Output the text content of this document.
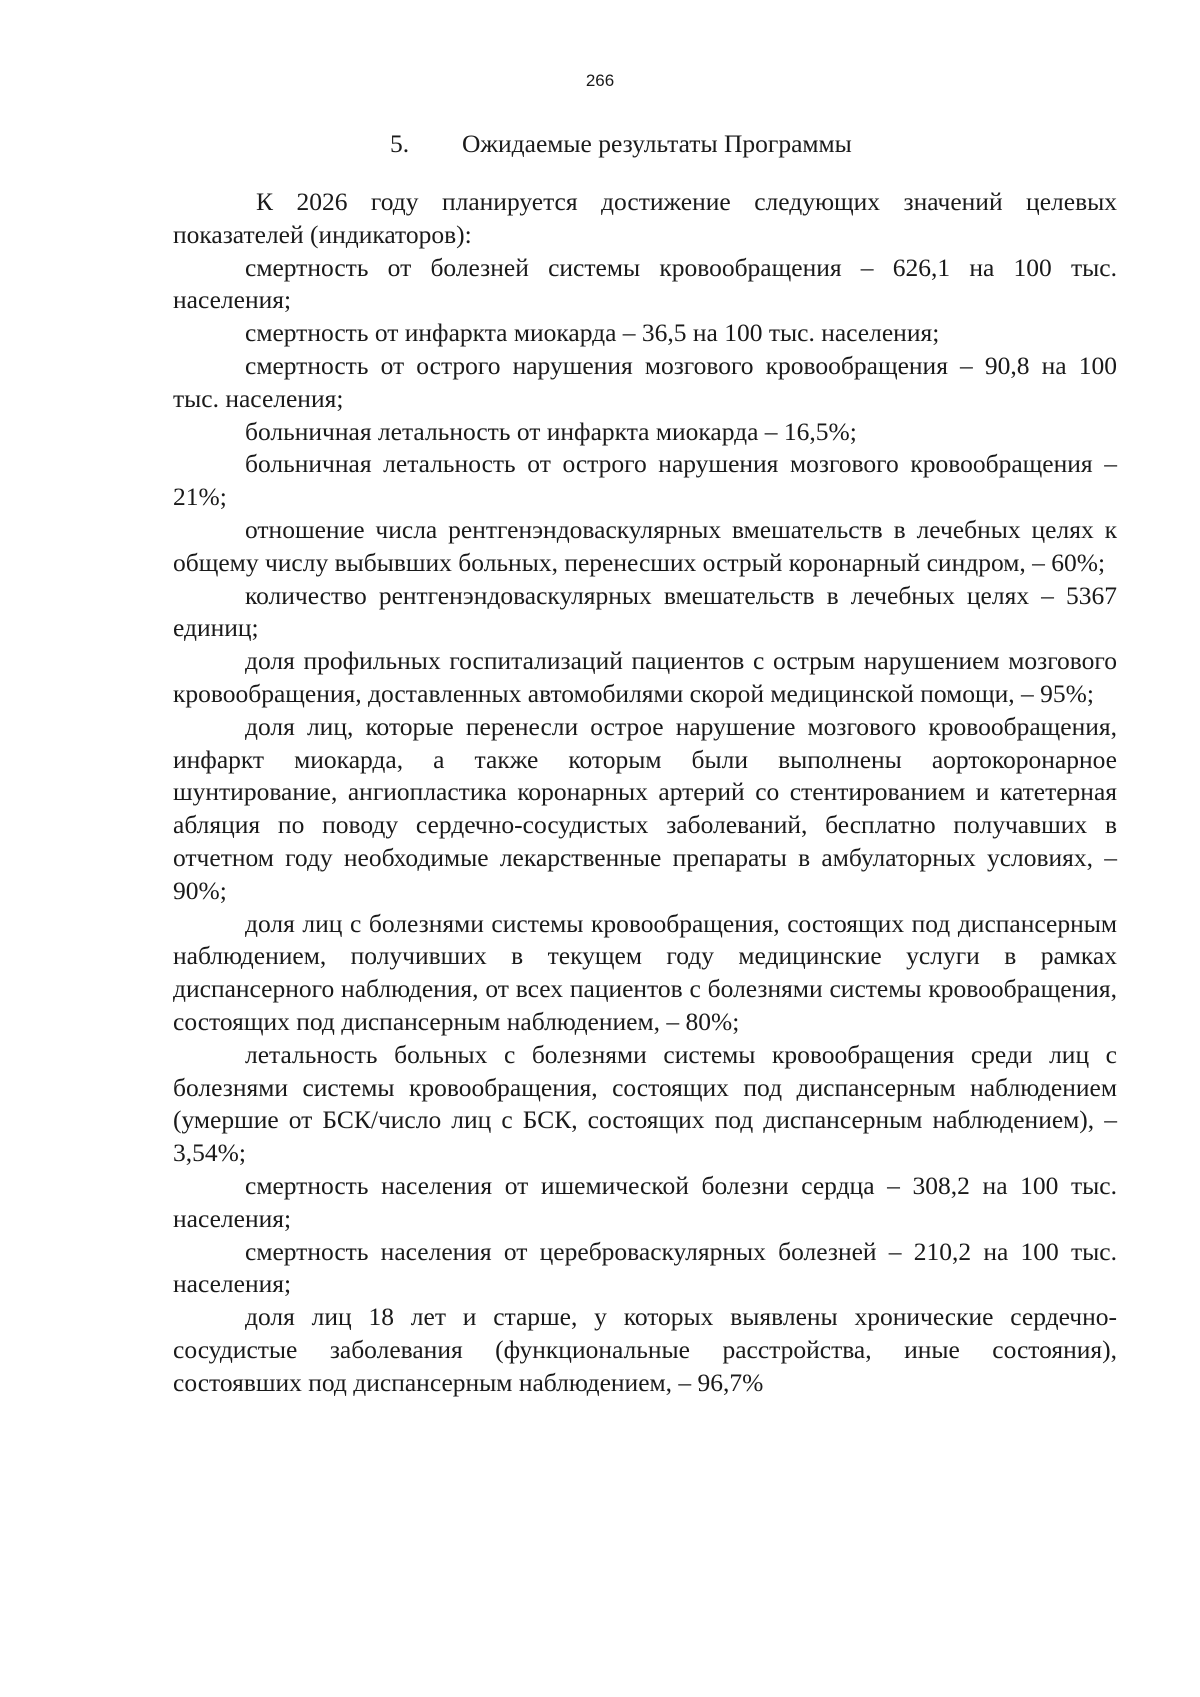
266
5. Ожидаемые результаты Программы

К 2026 году планируется достижение следующих значений целевых показателей (индикаторов):

смертность от болезней системы кровообращения – 626,1 на 100 тыс. населения;

смертность от инфаркта миокарда – 36,5 на 100 тыс. населения;

смертность от острого нарушения мозгового кровообращения – 90,8 на 100 тыс. населения;

больничная летальность от инфаркта миокарда – 16,5%;

больничная летальность от острого нарушения мозгового кровообращения – 21%;

отношение числа рентгенэндоваскулярных вмешательств в лечебных целях к общему числу выбывших больных, перенесших острый коронарный синдром, – 60%;

количество рентгенэндоваскулярных вмешательств в лечебных целях – 5367 единиц;

доля профильных госпитализаций пациентов с острым нарушением мозгового кровообращения, доставленных автомобилями скорой медицинской помощи, – 95%;

доля лиц, которые перенесли острое нарушение мозгового кровообращения, инфаркт миокарда, а также которым были выполнены аортокоронарное шунтирование, ангиопластика коронарных артерий со стентированием и катетерная абляция по поводу сердечно-сосудистых заболеваний, бесплатно получавших в отчетном году необходимые лекарственные препараты в амбулаторных условиях, – 90%;

доля лиц с болезнями системы кровообращения, состоящих под диспансерным наблюдением, получивших в текущем году медицинские услуги в рамках диспансерного наблюдения, от всех пациентов с болезнями системы кровообращения, состоящих под диспансерным наблюдением, – 80%;

летальность больных с болезнями системы кровообращения среди лиц с болезнями системы кровообращения, состоящих под диспансерным наблюдением (умершие от БСК/число лиц с БСК, состоящих под диспансерным наблюдением), – 3,54%;

смертность населения от ишемической болезни сердца – 308,2 на 100 тыс. населения;

смертность населения от цереброваскулярных болезней – 210,2 на 100 тыс. населения;

доля лиц 18 лет и старше, у которых выявлены хронические сердечно-сосудистые заболевания (функциональные расстройства, иные состояния), состоявших под диспансерным наблюдением, – 96,7%
